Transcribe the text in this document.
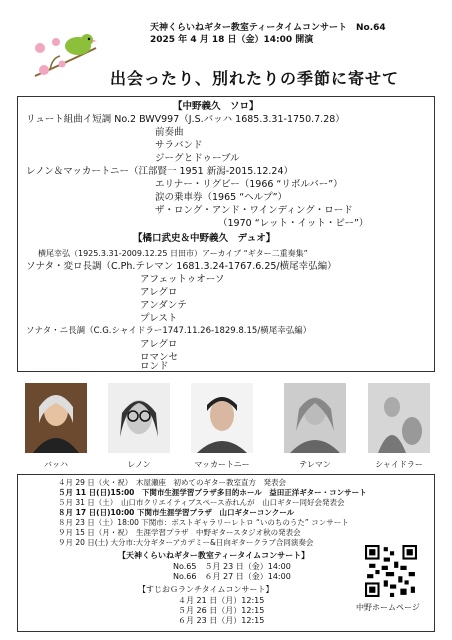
天神くらいねギター教室ティータイムコンサート　No.64
2025 年 4 月 18 日（金）14:00 開演
出会ったり、別れたりの季節に寄せて
【中野義久　ソロ】
リュート組曲イ短調 No.2 BWV997（J.S.バッハ 1685.3.31-1750.7.28）
前奏曲
サラバンド
ジーグとドゥーブル
レノン＆マッカートニー（江部賢一 1951 新潟-2015.12.24）
エリナー・リグビー（1966 “リボルバー”）
涙の乗車券（1965 “ヘルプ”）
ザ・ロング・アンド・ワインディング・ロード
（1970 “レット・イット・ビー”）
【橘口武史＆中野義久　デュオ】
横尾幸弘（1925.3.31-2009.12.25 日田市）アーカイブ “ギター二重奏集”
ソナタ・変ロ長調（C.Ph.テレマン 1681.3.24-1767.6.25/横尾幸弘編）
アフェットゥオーソ
アレグロ
アンダンテ
プレスト
ソナタ・ニ長調（C.G.シャイドラー1747.11.26-1829.8.15/横尾幸弘編）
アレグロ
ロマンセ
ロンド
バッハ	レノン	マッカートニー	テレマン	シャイドラー
４月 29 日（火・祝）　木屋瀬座　初めてのギター教室直方　発表会
５月 11 日(日)15:00　下関市生涯学習プラザ多目的ホール　益田正洋ギター・コンサート
５月 31 日（土）　山口市クリエイティブスペース赤れんが　山口ギター同好会発表会
８月 17 日(日)10:00 下関市生涯学習プラザ　山口ギターコンクール
８月 23 日（土）18:00 下関市：ボストギャラリーレトロ “いのちのうた” コンサート
９月 15 日（月・祝）　生涯学習プラザ　中野ギタースタジオ秋の発表会
９月 20 日(土) 大分市:大分ギターアカデミー&日向ギタークラブ合同演奏会
【天神くらいねギター教室ティータイムコンサート】
No.65　５月 23 日（金）14:00
No.66　６月 27 日（金）14:00
【すじおＧランチタイムコンサート】
４月 21 日（月）12:15
５月 26 日（月）12:15
６月 23 日（月）12:15
中野ホームページ
